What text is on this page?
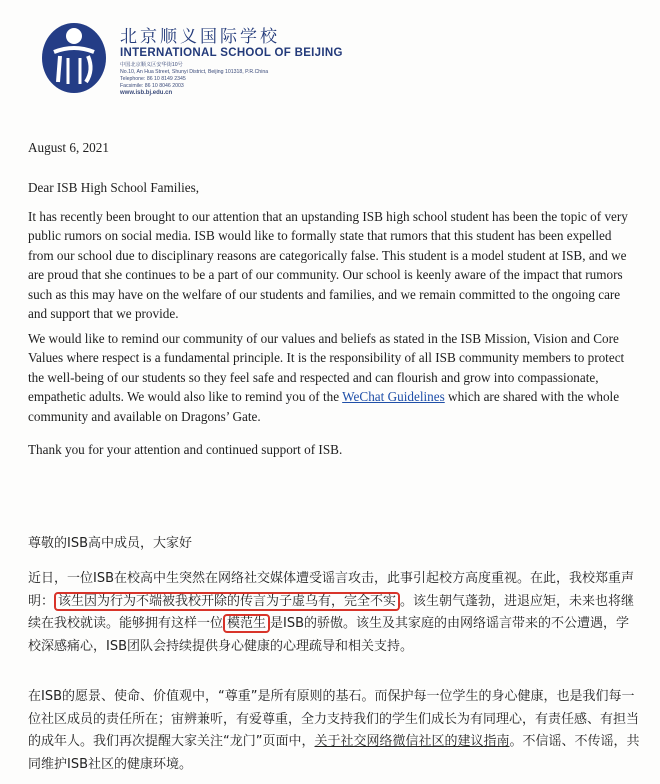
北京顺义国际学校
INTERNATIONAL SCHOOL OF BEIJING
中国北京顺义区安华街10号
No.10, An Hua Street, Shunyi District, Beijing 101318, P.R.China
Telephone: 86 10 8149 2345
Facsimile: 86 10 8046 2003
www.isb.bj.edu.cn
August 6, 2021
Dear ISB High School Families,
It has recently been brought to our attention that an upstanding ISB high school student has been the topic of very public rumors on social media. ISB would like to formally state that rumors that this student has been expelled from our school due to disciplinary reasons are categorically false. This student is a model student at ISB, and we are proud that she continues to be a part of our community. Our school is keenly aware of the impact that rumors such as this may have on the welfare of our students and families, and we remain committed to the ongoing care and support that we provide.
We would like to remind our community of our values and beliefs as stated in the ISB Mission, Vision and Core Values where respect is a fundamental principle. It is the responsibility of all ISB community members to protect the well-being of our students so they feel safe and respected and can flourish and grow into compassionate, empathetic adults. We would also like to remind you of the WeChat Guidelines which are shared with the whole community and available on Dragons’ Gate.
Thank you for your attention and continued support of ISB.
尊敬的ISB高中成员，大家好
近日，一位ISB在校高中生突然在网络社交媒体遭受谣言攻击，此事引起校方高度重视。在此，我校郑重声明： 该生因为行为不端被我校开除的传言为子虚乌有，完全不实 。该生朝气蓬勃，进退应矩，未来也将继续在我校就读。能够拥有这样一位 模范生 是ISB的骄傲。该生及其家庭的由网络谣言带来的不公遭遇，学校深感痛心，ISB团队会持续提供身心健康的心理疏导和相关支持。
在ISB的愿景、使命、价值观中，“尊重”是所有原则的基石。而保护每一位学生的身心健康，也是我们每一位社区成员的责任所在；宙辨兼听，有爱尊重，全力支持我们的学生们成长为有同理心，有责任感、有担当的成年人。我们再次提醒大家关注“龙门”页面中，关于社交网络微信社区的建议指南。不信谣、不传谣，共同维护ISB社区的健康环境。
